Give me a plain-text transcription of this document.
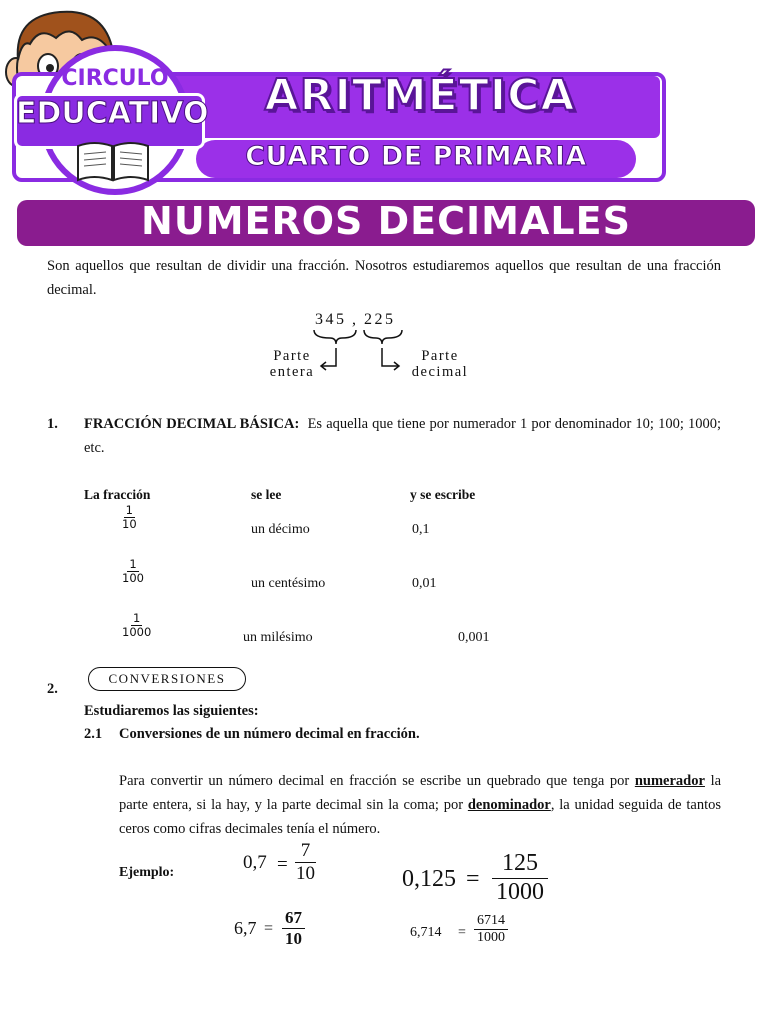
ARITMÉTICA
CUARTO DE PRIMARIA
CIRCULO
EDUCATIVO
NUMEROS DECIMALES
Son aquellos que resultan de dividir una fracción. Nosotros estudiaremos aquellos que resultan de una fracción decimal.
345 , 225
Parte
entera
Parte
decimal
1. FRACCIÓN DECIMAL BÁSICA: Es aquella que tiene por numerador 1 por denominador 10; 100; 1000; etc.
La fracción	se lee	y se escribe
$\frac{1}{10}$	un décimo	0,1
$\frac{1}{100}$	un centésimo	0,01
$\frac{1}{1000}$	un milésimo	0,001
CONVERSIONES
2.
Estudiaremos las siguientes:
2.1 Conversiones de un número decimal en fracción.
Para convertir un número decimal en fracción se escribe un quebrado que tenga por numerador la parte entera, si la hay, y la parte decimal sin la coma; por denominador, la unidad seguida de tantos ceros como cifras decimales tenía el número.
Ejemplo:	$0,7 = \frac{7}{10}$	$0,125 = \frac{125}{1000}$
$6,7 = \frac{67}{10}$	$6,714 = \frac{6714}{1000}$
